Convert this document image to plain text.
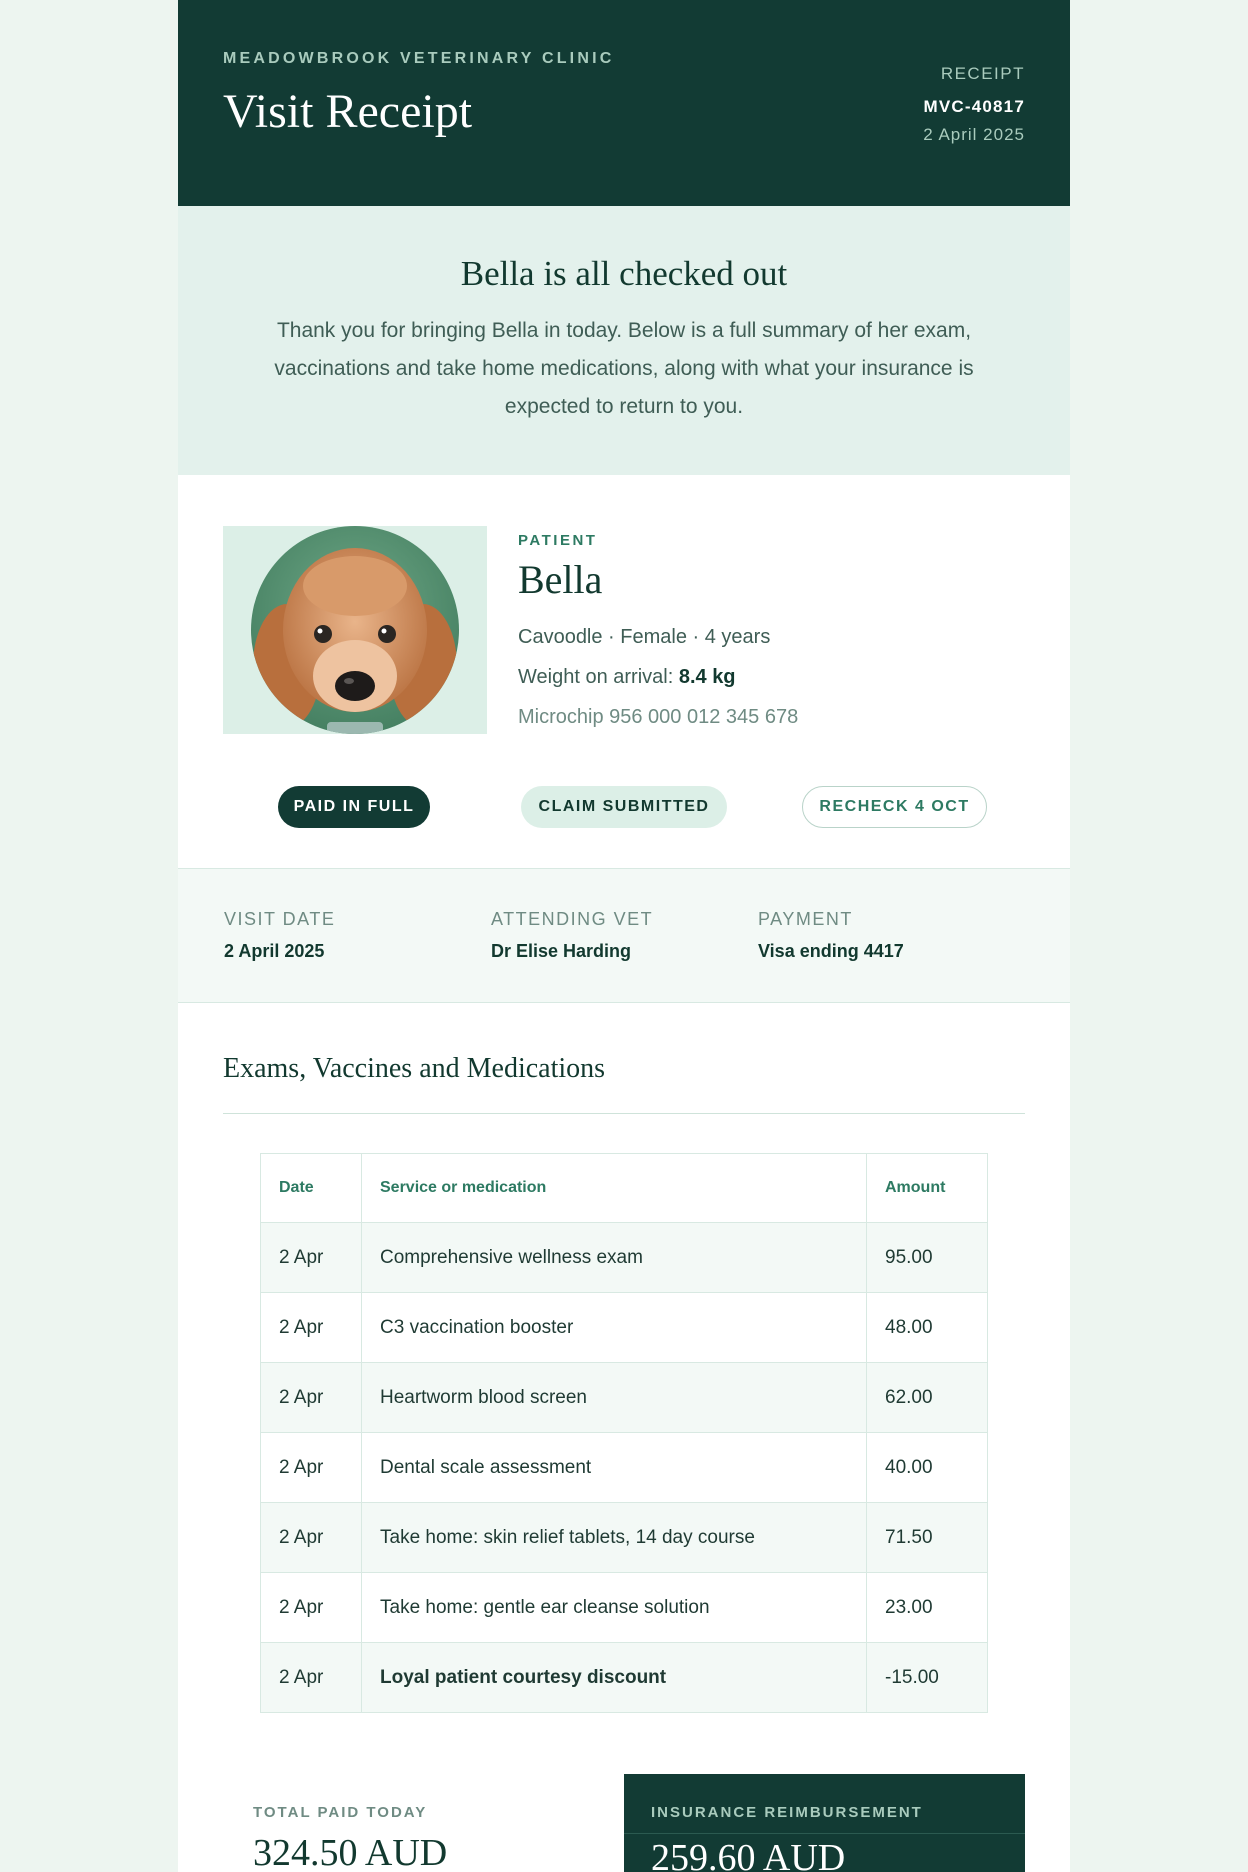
MEADOWBROOK VETERINARY CLINIC
Visit Receipt
RECEIPT
MVC-40817
2 April 2025
Bella is all checked out
Thank you for bringing Bella in today. Below is a full summary of her exam, vaccinations and take home medications, along with what your insurance is expected to return to you.
PATIENT
Bella
Cavoodle · Female · 4 years
Weight on arrival: 8.4 kg
Microchip 956 000 012 345 678
PAID IN FULL	CLAIM SUBMITTED	RECHECK 4 OCT
VISIT DATE
2 April 2025
ATTENDING VET
Dr Elise Harding
PAYMENT
Visa ending 4417
Exams, Vaccines and Medications
Date	Service or medication	Amount
2 Apr	Comprehensive wellness exam	95.00
2 Apr	C3 vaccination booster	48.00
2 Apr	Heartworm blood screen	62.00
2 Apr	Dental scale assessment	40.00
2 Apr	Take home: skin relief tablets, 14 day course	71.50
2 Apr	Take home: gentle ear cleanse solution	23.00
2 Apr	Loyal patient courtesy discount	-15.00
TOTAL PAID TODAY
324.50 AUD
INSURANCE REIMBURSEMENT
259.60 AUD
